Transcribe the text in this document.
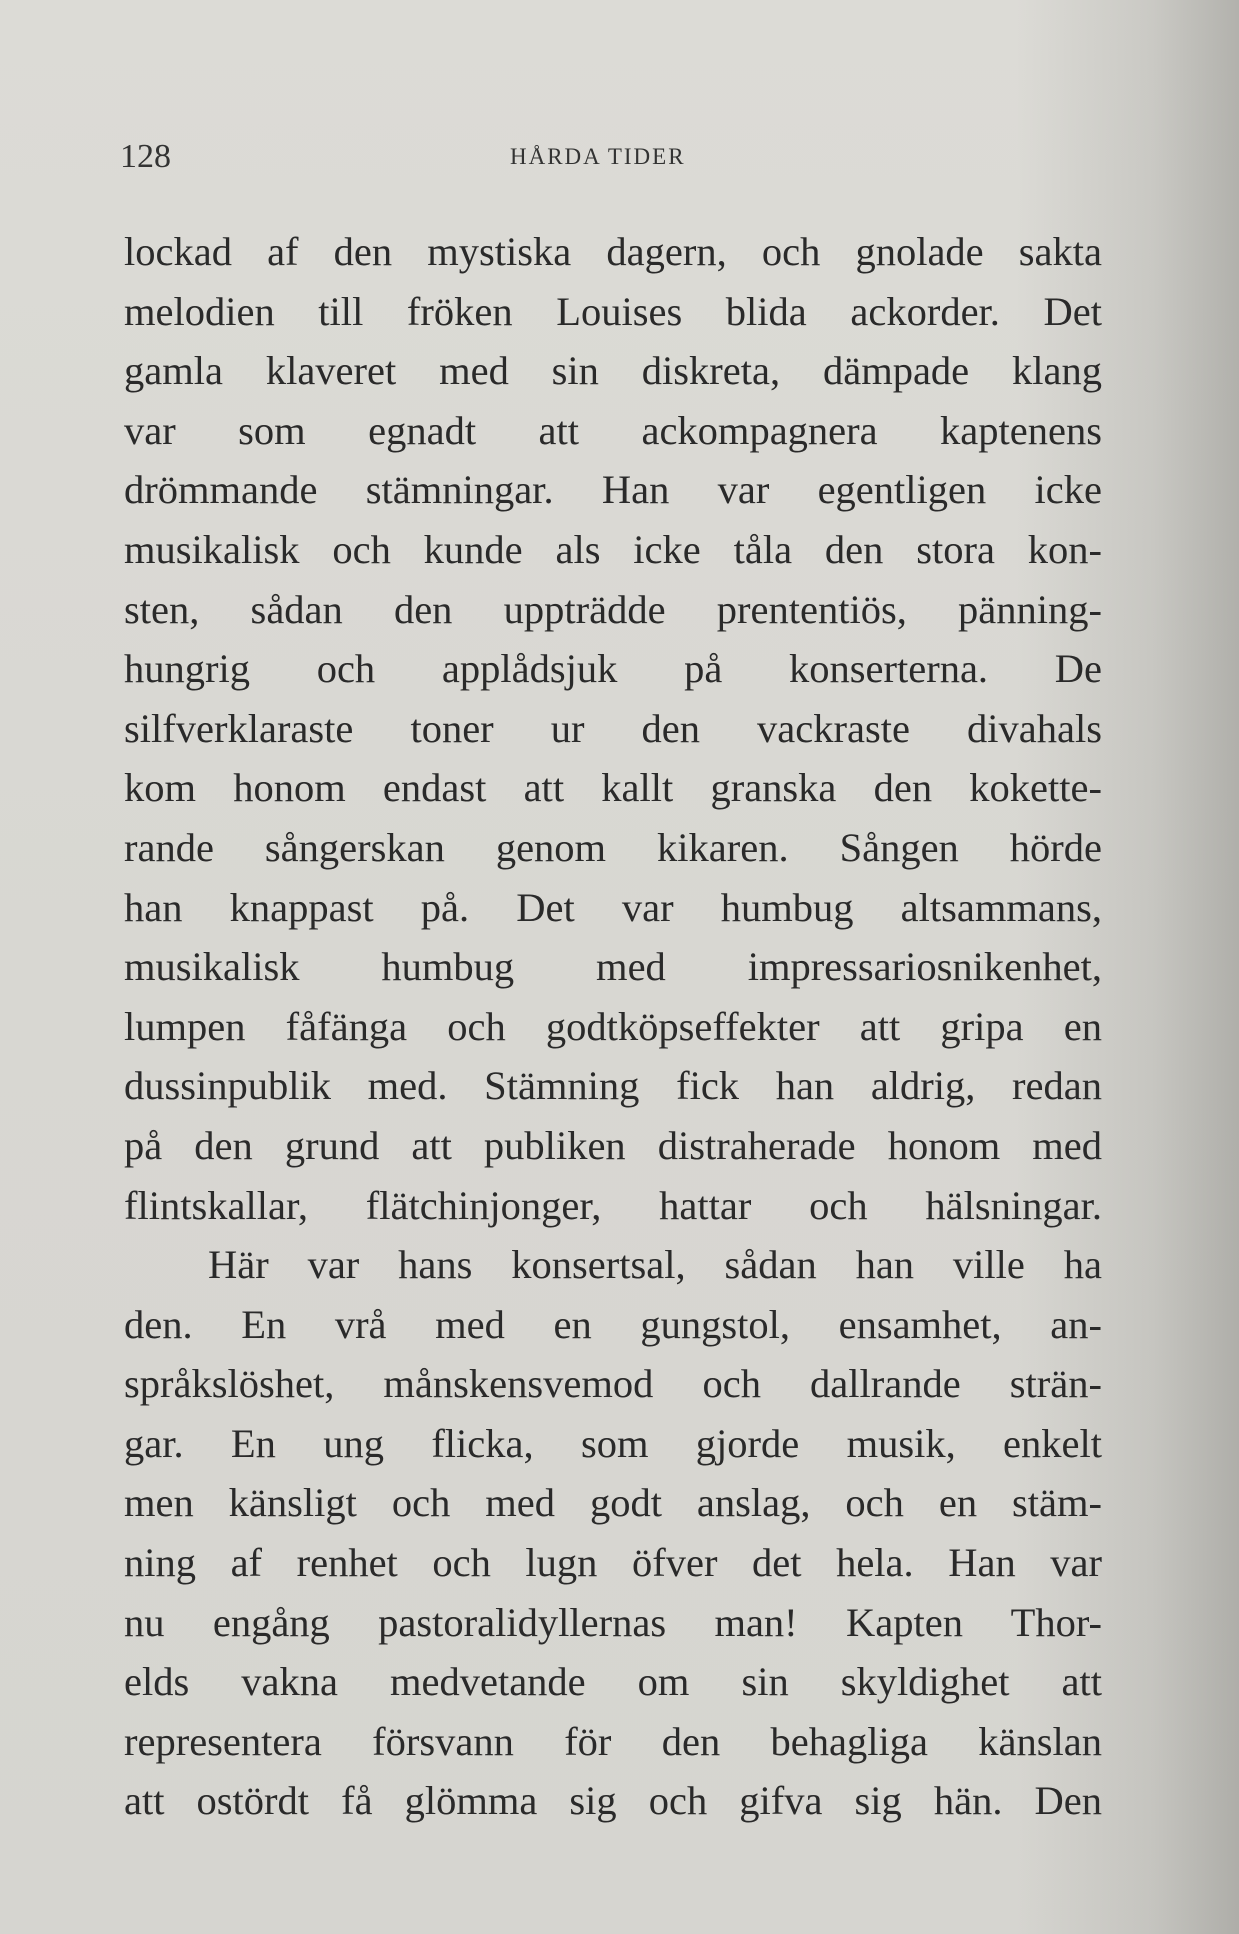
128	HÅRDA TIDER
lockad af den mystiska dagern, och gnolade sakta
melodien till fröken Louises blida ackorder. Det
gamla klaveret med sin diskreta, dämpade klang
var som egnadt att ackompagnera kaptenens
drömmande stämningar. Han var egentligen icke
musikalisk och kunde als icke tåla den stora kon-
sten, sådan den uppträdde prententiös, pänning-
hungrig och applådsjuk på konserterna. De
silfverklaraste toner ur den vackraste divahals
kom honom endast att kallt granska den kokette-
rande sångerskan genom kikaren. Sången hörde
han knappast på. Det var humbug altsammans,
musikalisk humbug med impressariosnikenhet,
lumpen fåfänga och godtköpseffekter att gripa en
dussinpublik med. Stämning fick han aldrig, redan
på den grund att publiken distraherade honom med
flintskallar, flätchinjonger, hattar och hälsningar.
Här var hans konsertsal, sådan han ville ha
den. En vrå med en gungstol, ensamhet, an-
språkslöshet, månskensvemod och dallrande strän-
gar. En ung flicka, som gjorde musik, enkelt
men känsligt och med godt anslag, och en stäm-
ning af renhet och lugn öfver det hela. Han var
nu engång pastoralidyllernas man! Kapten Thor-
elds vakna medvetande om sin skyldighet att
representera försvann för den behagliga känslan
att ostördt få glömma sig och gifva sig hän. Den
